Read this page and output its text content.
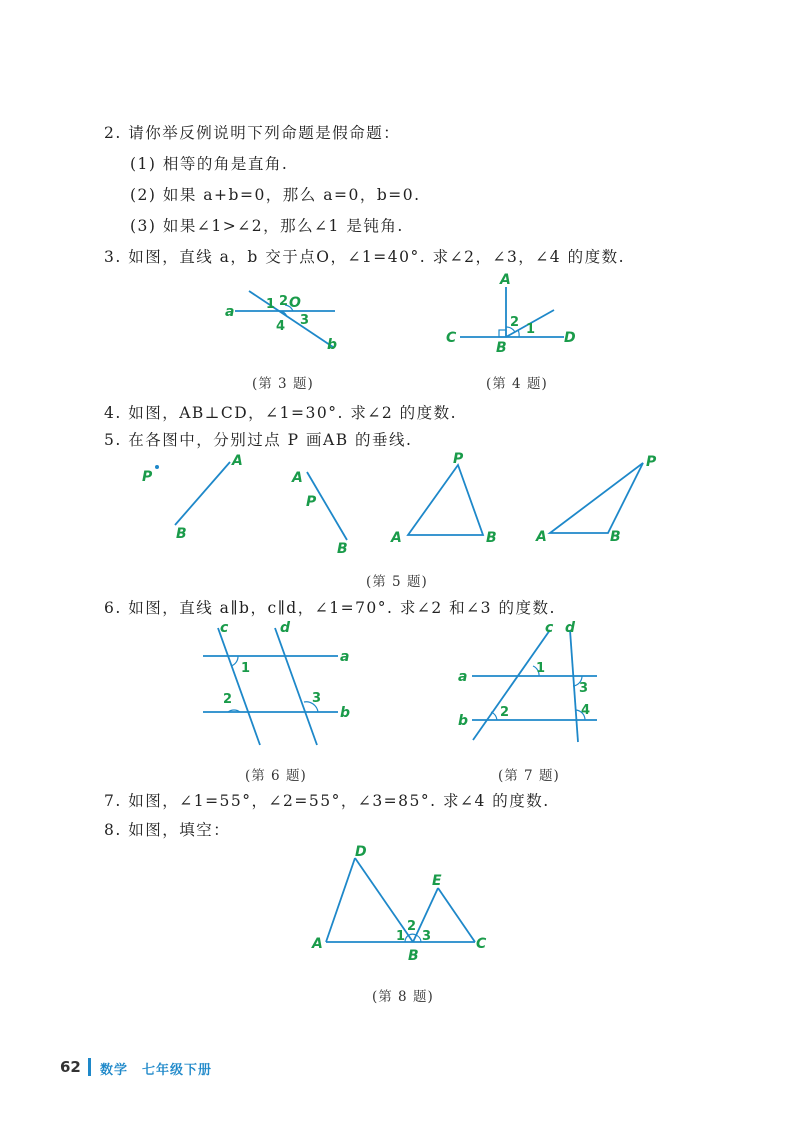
2. 请你举反例说明下列命题是假命题：
(1) 相等的角是直角.
(2) 如果 a+b=0，那么 a=0，b=0.
(3) 如果∠1>∠2，那么∠1 是钝角.
3. 如图，直线 a，b 交于点O，∠1=40°. 求∠2，∠3，∠4 的度数.
a
b
O
1 2
3
4
(第 3 题)
A
B
C	D
1
2
(第 4 题)
4. 如图，AB⊥CD，∠1=30°. 求∠2 的度数.
5. 在各图中，分别过点 P 画AB 的垂线.
P
A
B
A
P
B
P
A	B
P
A	B
(第 5 题)
6. 如图，直线 a∥b，c∥d，∠1=70°. 求∠2 和∠3 的度数.
c	d
a
b
1
2	3
(第 6 题)
c d
a
b
1
2
3
4
(第 7 题)
7. 如图，∠1=55°，∠2=55°，∠3=85°. 求∠4 的度数.
8. 如图，填空：
D
E
A
B
C
1
2
3
(第 8 题)
62 数学　七年级下册
